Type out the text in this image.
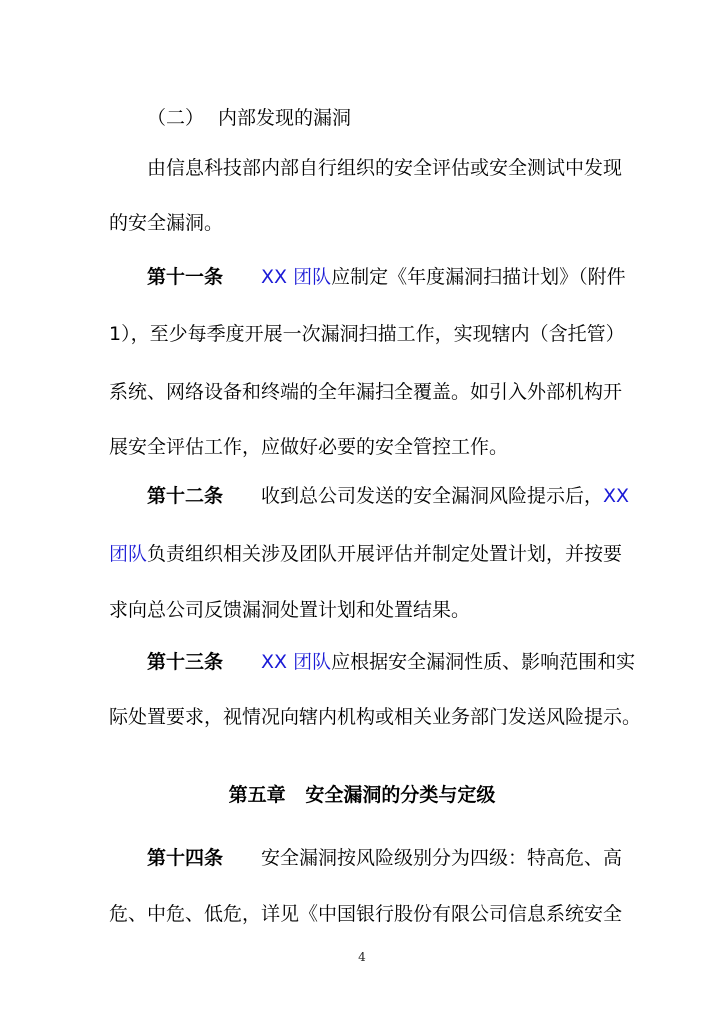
（二） 内部发现的漏洞
由信息科技部内部自行组织的安全评估或安全测试中发现
的安全漏洞。
第十一条 XX 团队应制定《年度漏洞扫描计划》（附件
1），至少每季度开展一次漏洞扫描工作，实现辖内（含托管）
系统、网络设备和终端的全年漏扫全覆盖。如引入外部机构开
展安全评估工作，应做好必要的安全管控工作。
第十二条 收到总公司发送的安全漏洞风险提示后，XX
团队负责组织相关涉及团队开展评估并制定处置计划，并按要
求向总公司反馈漏洞处置计划和处置结果。
第十三条 XX 团队应根据安全漏洞性质、影响范围和实
际处置要求，视情况向辖内机构或相关业务部门发送风险提示。
第五章   安全漏洞的分类与定级
第十四条 安全漏洞按风险级别分为四级：特高危、高
危、中危、低危，详见《中国银行股份有限公司信息系统安全
4
